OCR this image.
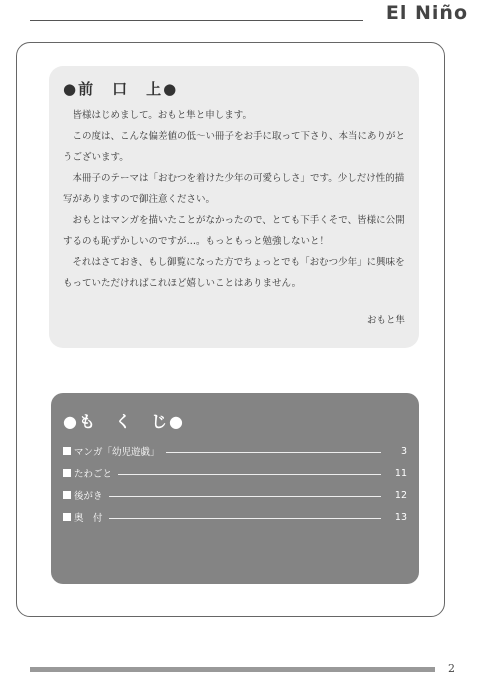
El Niño
●前　口　上●

皆様はじめまして。おもと隼と申します。

この度は、こんな偏差値の低〜い冊子をお手に取って下さり、本当にありがとうございます。

本冊子のテーマは「おむつを着けた少年の可愛らしさ」です。少しだけ性的描写がありますので御注意ください。

おもとはマンガを描いたことがなかったので、とても下手くそで、皆様に公開するのも恥ずかしいのですが…。もっともっと勉強しないと！

それはさておき、もし御覧になった方でちょっとでも「おむつ少年」に興味をもっていただければこれほど嬉しいことはありません。

おもと隼
●も　く　じ●
マンガ「幼児遊戯」	3
たわごと	11
後がき	12
奥　付	13
2
